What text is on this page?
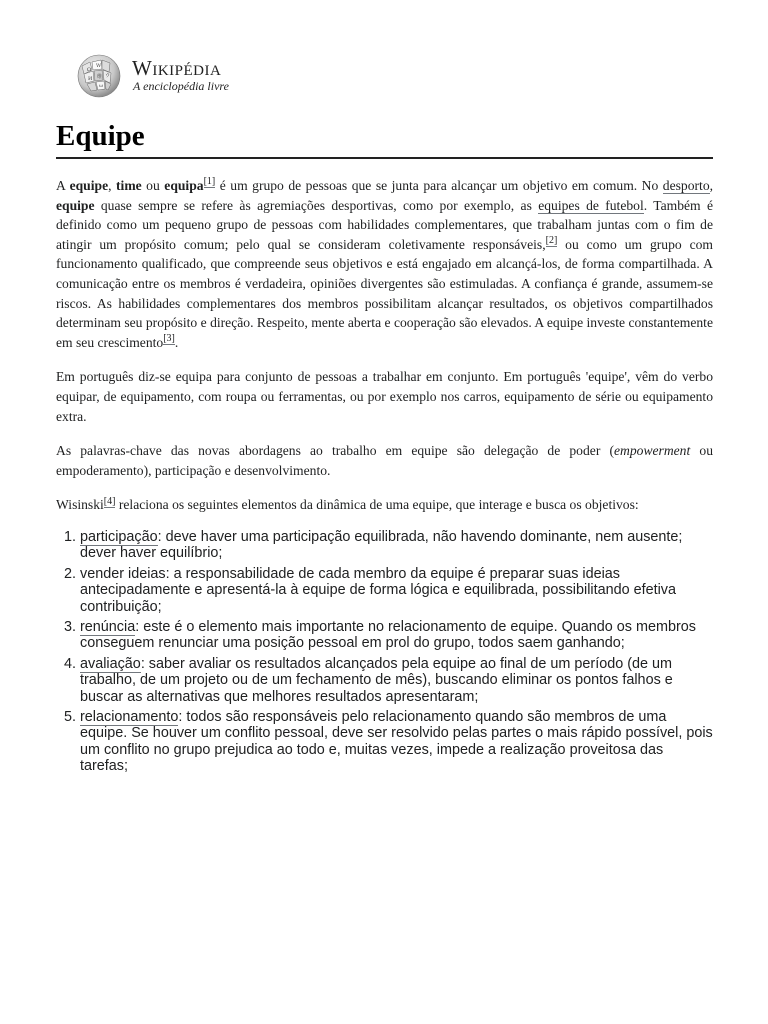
Ω
W
维
И	ウ
ω
Wikipédia
A enciclopédia livre
Equipe

A equipe, time ou equipa[1] é um grupo de pessoas que se junta para alcançar um objetivo em comum. No desporto, equipe quase sempre se refere às agremiações desportivas, como por exemplo, as equipes de futebol. Também é definido como um pequeno grupo de pessoas com habilidades complementares, que trabalham juntas com o fim de atingir um propósito comum; pelo qual se consideram coletivamente responsáveis,[2] ou como um grupo com funcionamento qualificado, que compreende seus objetivos e está engajado em alcançá-los, de forma compartilhada. A comunicação entre os membros é verdadeira, opiniões divergentes são estimuladas. A confiança é grande, assumem-se riscos. As habilidades complementares dos membros possibilitam alcançar resultados, os objetivos compartilhados determinam seu propósito e direção. Respeito, mente aberta e cooperação são elevados. A equipe investe constantemente em seu crescimento[3].

Em português diz-se equipa para conjunto de pessoas a trabalhar em conjunto. Em português 'equipe', vêm do verbo equipar, de equipamento, com roupa ou ferramentas, ou por exemplo nos carros, equipamento de série ou equipamento extra.

As palavras-chave das novas abordagens ao trabalho em equipe são delegação de poder (empowerment ou empoderamento), participação e desenvolvimento.

Wisinski[4] relaciona os seguintes elementos da dinâmica de uma equipe, que interage e busca os objetivos:

1. participação: deve haver uma participação equilibrada, não havendo dominante, nem ausente; dever haver equilíbrio;
2. vender ideias: a responsabilidade de cada membro da equipe é preparar suas ideias antecipadamente e apresentá-la à equipe de forma lógica e equilibrada, possibilitando efetiva contribuição;
3. renúncia: este é o elemento mais importante no relacionamento de equipe. Quando os membros conseguem renunciar uma posição pessoal em prol do grupo, todos saem ganhando;
4. avaliação: saber avaliar os resultados alcançados pela equipe ao final de um período (de um trabalho, de um projeto ou de um fechamento de mês), buscando eliminar os pontos falhos e buscar as alternativas que melhores resultados apresentaram;
5. relacionamento: todos são responsáveis pelo relacionamento quando são membros de uma equipe. Se houver um conflito pessoal, deve ser resolvido pelas partes o mais rápido possível, pois um conflito no grupo prejudica ao todo e, muitas vezes, impede a realização proveitosa das tarefas;
